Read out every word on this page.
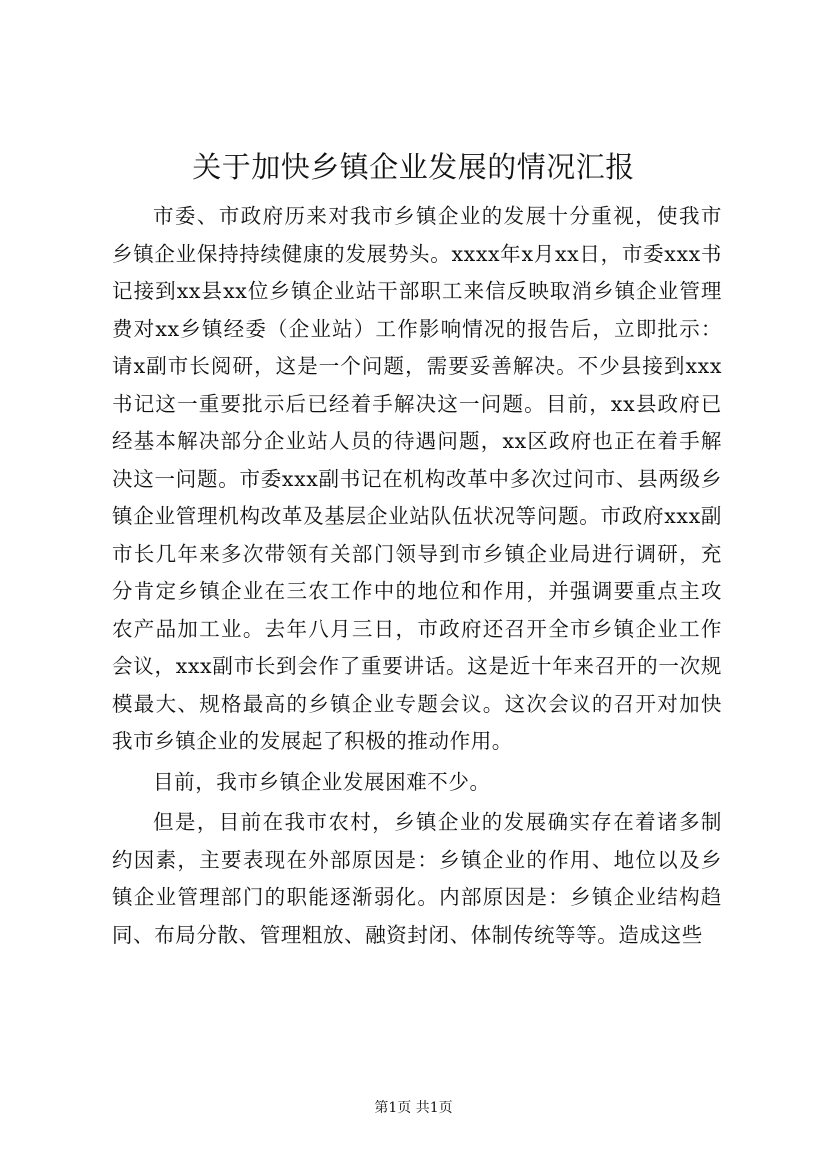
关于加快乡镇企业发展的情况汇报

市委、市政府历来对我市乡镇企业的发展十分重视，使我市乡镇企业保持持续健康的发展势头。xxxx年x月xx日，市委xxx书记接到xx县xx位乡镇企业站干部职工来信反映取消乡镇企业管理费对xx乡镇经委（企业站）工作影响情况的报告后，立即批示：请x副市长阅研，这是一个问题，需要妥善解决。不少县接到xxx书记这一重要批示后已经着手解决这一问题。目前，xx县政府已经基本解决部分企业站人员的待遇问题，xx区政府也正在着手解决这一问题。市委xxx副书记在机构改革中多次过问市、县两级乡镇企业管理机构改革及基层企业站队伍状况等问题。市政府xxx副市长几年来多次带领有关部门领导到市乡镇企业局进行调研，充分肯定乡镇企业在三农工作中的地位和作用，并强调要重点主攻农产品加工业。去年八月三日，市政府还召开全市乡镇企业工作会议，xxx副市长到会作了重要讲话。这是近十年来召开的一次规模最大、规格最高的乡镇企业专题会议。这次会议的召开对加快我市乡镇企业的发展起了积极的推动作用。

目前，我市乡镇企业发展困难不少。

但是，目前在我市农村，乡镇企业的发展确实存在着诸多制约因素，主要表现在外部原因是：乡镇企业的作用、地位以及乡镇企业管理部门的职能逐渐弱化。内部原因是：乡镇企业结构趋同、布局分散、管理粗放、融资封闭、体制传统等等。造成这些

第1页 共1页
